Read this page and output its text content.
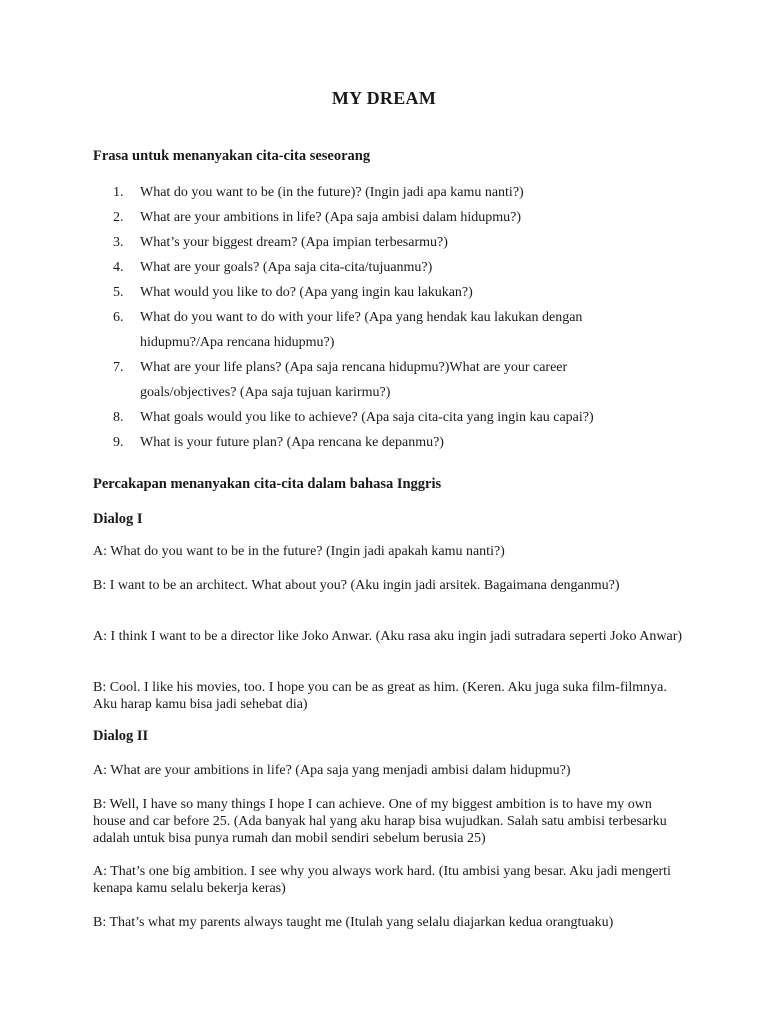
MY DREAM
Frasa untuk menanyakan cita-cita seseorang
1. What do you want to be (in the future)? (Ingin jadi apa kamu nanti?)
2. What are your ambitions in life? (Apa saja ambisi dalam hidupmu?)
3. What’s your biggest dream? (Apa impian terbesarmu?)
4. What are your goals? (Apa saja cita-cita/tujuanmu?)
5. What would you like to do? (Apa yang ingin kau lakukan?)
6. What do you want to do with your life? (Apa yang hendak kau lakukan dengan hidupmu?/Apa rencana hidupmu?)
7. What are your life plans? (Apa saja rencana hidupmu?)What are your career goals/objectives? (Apa saja tujuan karirmu?)
8. What goals would you like to achieve? (Apa saja cita-cita yang ingin kau capai?)
9. What is your future plan? (Apa rencana ke depanmu?)
Percakapan menanyakan cita-cita dalam bahasa Inggris
Dialog I
A: What do you want to be in the future? (Ingin jadi apakah kamu nanti?)
B: I want to be an architect. What about you? (Aku ingin jadi arsitek. Bagaimana denganmu?)
A: I think I want to be a director like Joko Anwar. (Aku rasa aku ingin jadi sutradara seperti Joko Anwar)
B: Cool. I like his movies, too. I hope you can be as great as him. (Keren. Aku juga suka film-filmnya. Aku harap kamu bisa jadi sehebat dia)
Dialog II
A: What are your ambitions in life? (Apa saja yang menjadi ambisi dalam hidupmu?)
B: Well, I have so many things I hope I can achieve. One of my biggest ambition is to have my own house and car before 25. (Ada banyak hal yang aku harap bisa wujudkan. Salah satu ambisi terbesarku adalah untuk bisa punya rumah dan mobil sendiri sebelum berusia 25)
A: That’s one big ambition. I see why you always work hard. (Itu ambisi yang besar. Aku jadi mengerti kenapa kamu selalu bekerja keras)
B: That’s what my parents always taught me (Itulah yang selalu diajarkan kedua orangtuaku)
